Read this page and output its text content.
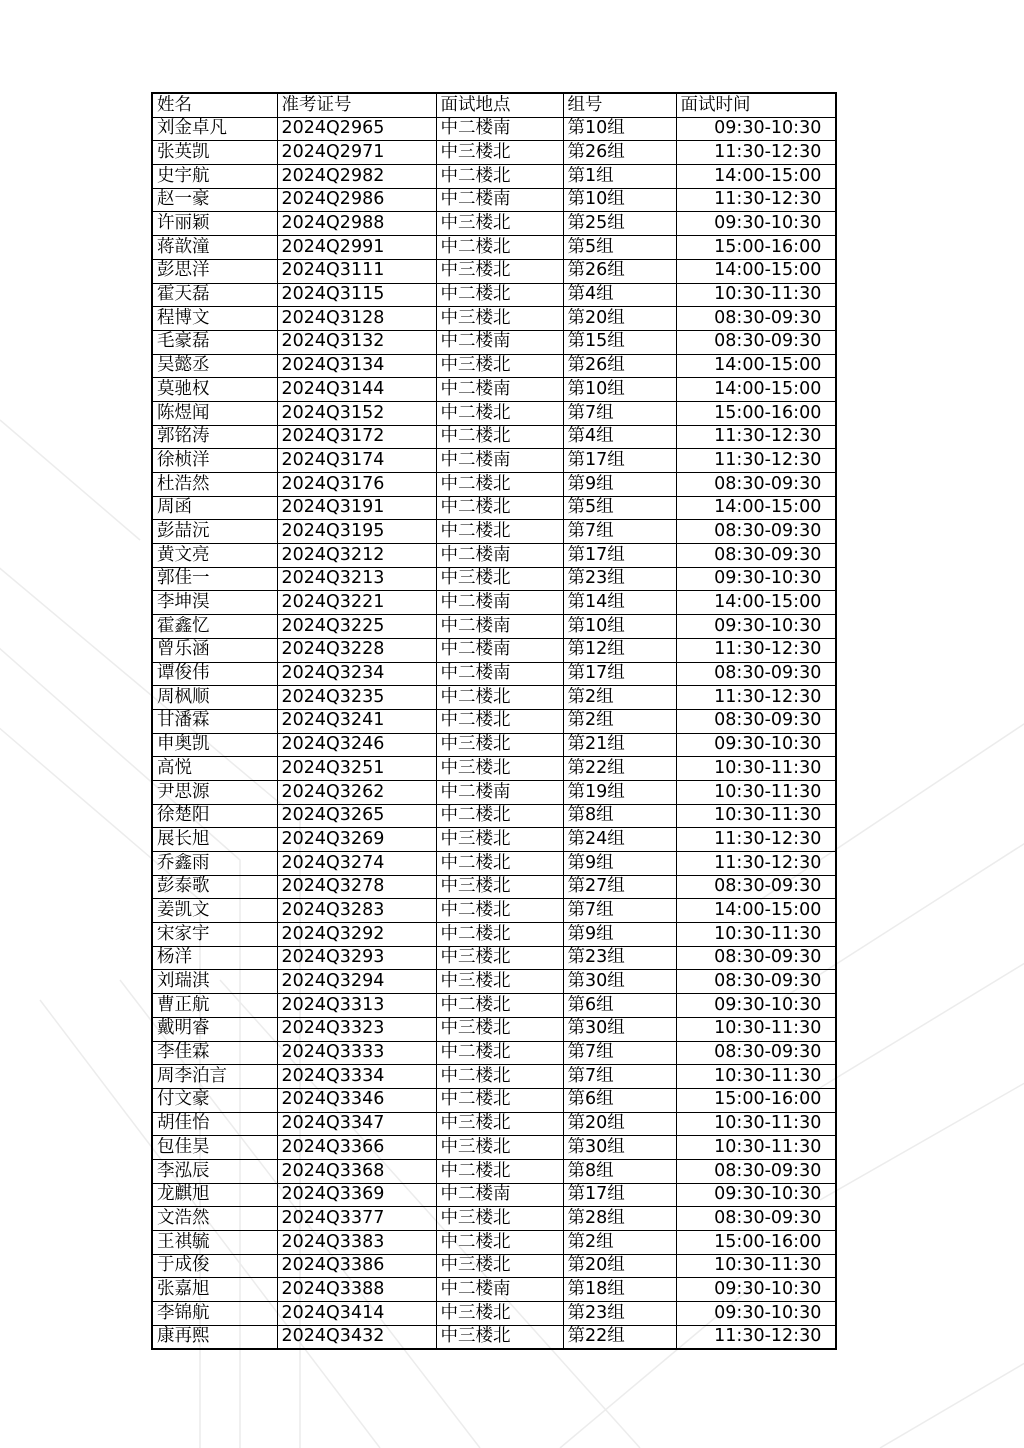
姓名	准考证号	面试地点	组号	面试时间
刘金卓凡	2024Q2965	中二楼南	第10组	09:30-10:30
张英凯	2024Q2971	中三楼北	第26组	11:30-12:30
史宇航	2024Q2982	中二楼北	第1组	14:00-15:00
赵一豪	2024Q2986	中二楼南	第10组	11:30-12:30
许丽颖	2024Q2988	中三楼北	第25组	09:30-10:30
蒋歆潼	2024Q2991	中二楼北	第5组	15:00-16:00
彭思洋	2024Q3111	中三楼北	第26组	14:00-15:00
霍天磊	2024Q3115	中二楼北	第4组	10:30-11:30
程博文	2024Q3128	中三楼北	第20组	08:30-09:30
毛豪磊	2024Q3132	中二楼南	第15组	08:30-09:30
吴懿丞	2024Q3134	中三楼北	第26组	14:00-15:00
莫驰权	2024Q3144	中二楼南	第10组	14:00-15:00
陈煜闻	2024Q3152	中二楼北	第7组	15:00-16:00
郭铭涛	2024Q3172	中二楼北	第4组	11:30-12:30
徐桢洋	2024Q3174	中二楼南	第17组	11:30-12:30
杜浩然	2024Q3176	中二楼北	第9组	08:30-09:30
周函	2024Q3191	中二楼北	第5组	14:00-15:00
彭喆沅	2024Q3195	中二楼北	第7组	08:30-09:30
黄文亮	2024Q3212	中二楼南	第17组	08:30-09:30
郭佳一	2024Q3213	中三楼北	第23组	09:30-10:30
李坤淏	2024Q3221	中二楼南	第14组	14:00-15:00
霍鑫忆	2024Q3225	中二楼南	第10组	09:30-10:30
曾乐涵	2024Q3228	中二楼南	第12组	11:30-12:30
谭俊伟	2024Q3234	中二楼南	第17组	08:30-09:30
周枫顺	2024Q3235	中二楼北	第2组	11:30-12:30
甘潘霖	2024Q3241	中二楼北	第2组	08:30-09:30
申奥凯	2024Q3246	中三楼北	第21组	09:30-10:30
高悦	2024Q3251	中三楼北	第22组	10:30-11:30
尹思源	2024Q3262	中二楼南	第19组	10:30-11:30
徐楚阳	2024Q3265	中二楼北	第8组	10:30-11:30
展长旭	2024Q3269	中三楼北	第24组	11:30-12:30
乔鑫雨	2024Q3274	中二楼北	第9组	11:30-12:30
彭泰歌	2024Q3278	中三楼北	第27组	08:30-09:30
姜凯文	2024Q3283	中二楼北	第7组	14:00-15:00
宋家宇	2024Q3292	中二楼北	第9组	10:30-11:30
杨洋	2024Q3293	中三楼北	第23组	08:30-09:30
刘瑞淇	2024Q3294	中三楼北	第30组	08:30-09:30
曹正航	2024Q3313	中二楼北	第6组	09:30-10:30
戴明睿	2024Q3323	中三楼北	第30组	10:30-11:30
李佳霖	2024Q3333	中二楼北	第7组	08:30-09:30
周李泊言	2024Q3334	中二楼北	第7组	10:30-11:30
付文豪	2024Q3346	中二楼北	第6组	15:00-16:00
胡佳怡	2024Q3347	中三楼北	第20组	10:30-11:30
包佳昊	2024Q3366	中三楼北	第30组	10:30-11:30
李泓辰	2024Q3368	中二楼北	第8组	08:30-09:30
龙麒旭	2024Q3369	中二楼南	第17组	09:30-10:30
文浩然	2024Q3377	中三楼北	第28组	08:30-09:30
王祺毓	2024Q3383	中二楼北	第2组	15:00-16:00
于成俊	2024Q3386	中三楼北	第20组	10:30-11:30
张嘉旭	2024Q3388	中二楼南	第18组	09:30-10:30
李锦航	2024Q3414	中三楼北	第23组	09:30-10:30
康再熙	2024Q3432	中三楼北	第22组	11:30-12:30
